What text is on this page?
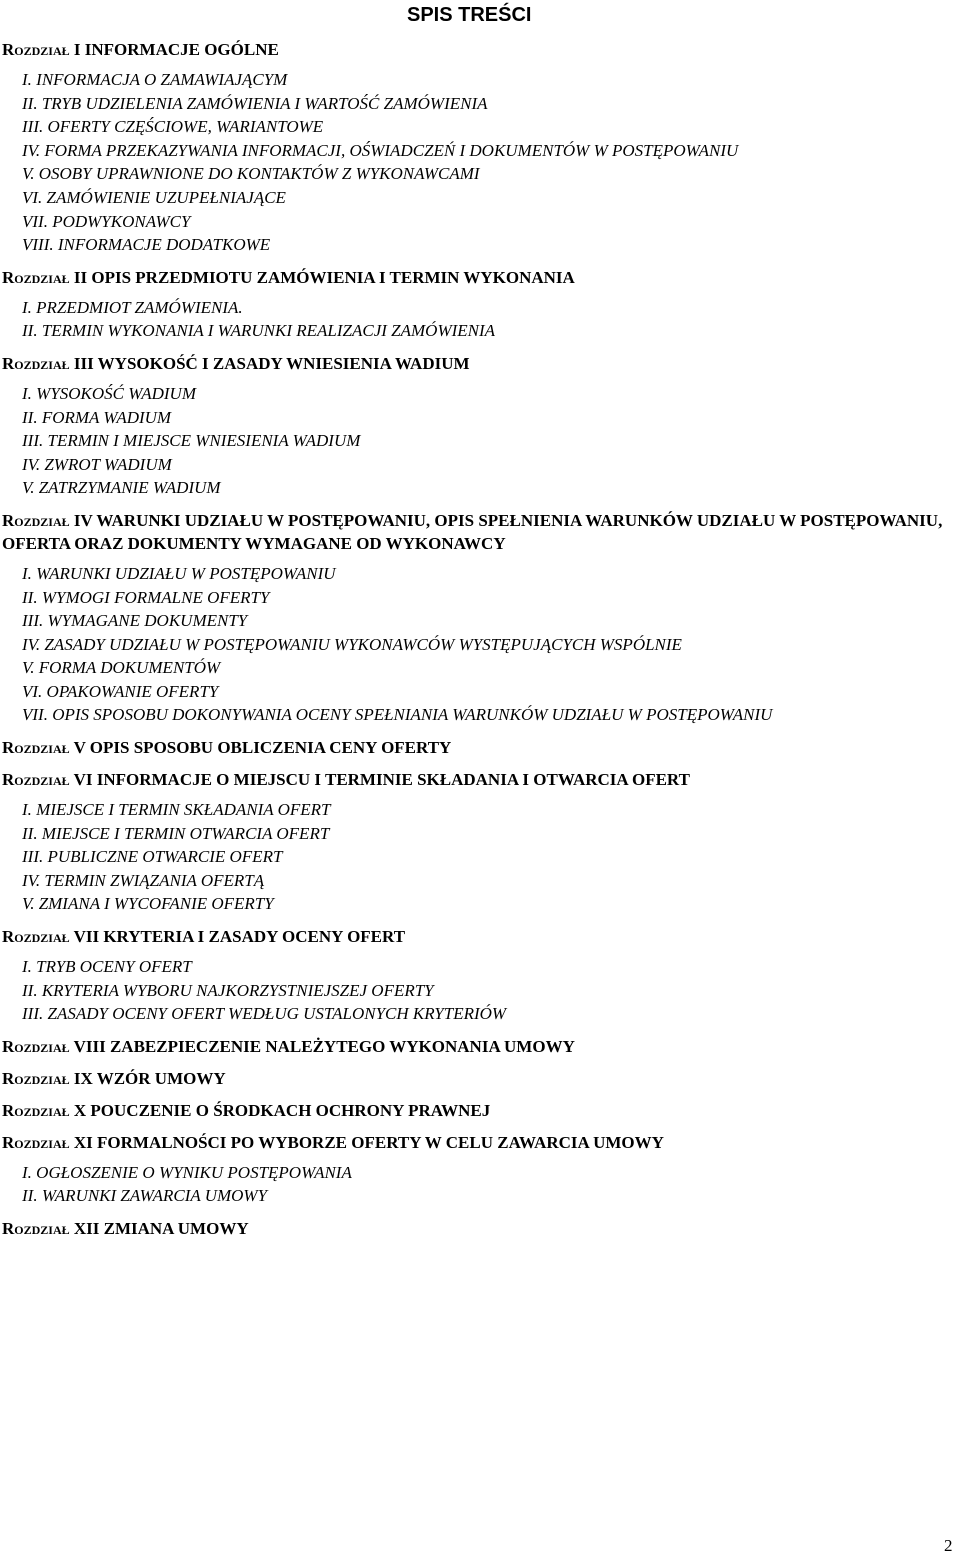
SPIS TREŚCI
Rozdział I INFORMACJE OGÓLNE
I. INFORMACJA O ZAMAWIAJĄCYM
II. TRYB UDZIELENIA ZAMÓWIENIA I WARTOŚĆ ZAMÓWIENIA
III. OFERTY CZĘŚCIOWE, WARIANTOWE
IV. FORMA PRZEKAZYWANIA INFORMACJI, OŚWIADCZEŃ I DOKUMENTÓW W POSTĘPOWANIU
V. OSOBY UPRAWNIONE DO KONTAKTÓW Z WYKONAWCAMI
VI. ZAMÓWIENIE UZUPEŁNIAJĄCE
VII. PODWYKONAWCY
VIII. INFORMACJE DODATKOWE
Rozdział II OPIS PRZEDMIOTU ZAMÓWIENIA I TERMIN WYKONANIA
I. PRZEDMIOT ZAMÓWIENIA.
II. TERMIN WYKONANIA I WARUNKI REALIZACJI ZAMÓWIENIA
Rozdział III WYSOKOŚĆ I ZASADY WNIESIENIA WADIUM
I. WYSOKOŚĆ WADIUM
II. FORMA WADIUM
III. TERMIN I MIEJSCE WNIESIENIA WADIUM
IV. ZWROT WADIUM
V. ZATRZYMANIE WADIUM
Rozdział IV WARUNKI UDZIAŁU W POSTĘPOWANIU, OPIS SPEŁNIENIA WARUNKÓW UDZIAŁU W POSTĘPOWANIU, OFERTA ORAZ DOKUMENTY WYMAGANE OD WYKONAWCY
I. WARUNKI UDZIAŁU W POSTĘPOWANIU
II. WYMOGI FORMALNE OFERTY
III. WYMAGANE DOKUMENTY
IV. ZASADY UDZIAŁU W POSTĘPOWANIU WYKONAWCÓW WYSTĘPUJĄCYCH WSPÓLNIE
V. FORMA DOKUMENTÓW
VI. OPAKOWANIE OFERTY
VII. OPIS SPOSOBU DOKONYWANIA OCENY SPEŁNIANIA WARUNKÓW UDZIAŁU W POSTĘPOWANIU
Rozdział V OPIS SPOSOBU OBLICZENIA CENY OFERTY
Rozdział VI INFORMACJE O MIEJSCU I TERMINIE SKŁADANIA I OTWARCIA OFERT
I. MIEJSCE I TERMIN SKŁADANIA OFERT
II. MIEJSCE I TERMIN OTWARCIA OFERT
III. PUBLICZNE OTWARCIE OFERT
IV. TERMIN ZWIĄZANIA OFERTĄ
V. ZMIANA I WYCOFANIE OFERTY
Rozdział VII KRYTERIA I ZASADY OCENY OFERT
I. TRYB OCENY OFERT
II. KRYTERIA WYBORU NAJKORZYSTNIEJSZEJ OFERTY
III. ZASADY OCENY OFERT WEDŁUG USTALONYCH KRYTERIÓW
Rozdział VIII ZABEZPIECZENIE NALEŻYTEGO WYKONANIA UMOWY
Rozdział IX WZÓR UMOWY
Rozdział X POUCZENIE O ŚRODKACH OCHRONY PRAWNEJ
Rozdział XI FORMALNOŚCI PO WYBORZE OFERTY W CELU ZAWARCIA UMOWY
I. OGŁOSZENIE O WYNIKU POSTĘPOWANIA
II. WARUNKI ZAWARCIA UMOWY
Rozdział XII ZMIANA UMOWY
2
